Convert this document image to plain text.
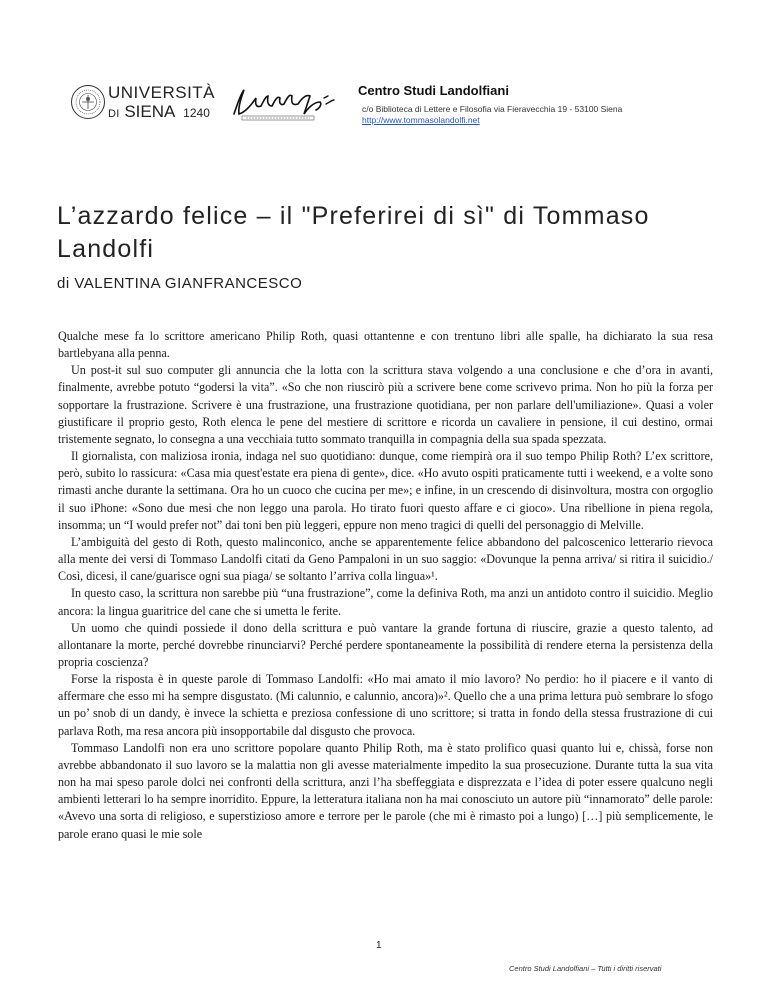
UNIVERSITÀ
DI SIENA 1240
Centro Studi Landolfiani
c/o Biblioteca di Lettere e Filosofia via Fieravecchia 19 - 53100 Siena
http://www.tommasolandolfi.net
L’azzardo felice – il "Preferirei di sì" di Tommaso Landolfi
di VALENTINA GIANFRANCESCO

Qualche mese fa lo scrittore americano Philip Roth, quasi ottantenne e con trentuno libri alle spalle, ha dichiarato la sua resa bartlebyana alla penna.

Un post-it sul suo computer gli annuncia che la lotta con la scrittura stava volgendo a una conclusione e che d’ora in avanti, finalmente, avrebbe potuto “godersi la vita”. «So che non riuscirò più a scrivere bene come scrivevo prima. Non ho più la forza per sopportare la frustrazione. Scrivere è una frustrazione, una frustrazione quotidiana, per non parlare dell'umiliazione». Quasi a voler giustificare il proprio gesto, Roth elenca le pene del mestiere di scrittore e ricorda un cavaliere in pensione, il cui destino, ormai tristemente segnato, lo consegna a una vecchiaia tutto sommato tranquilla in compagnia della sua spada spezzata.

Il giornalista, con maliziosa ironia, indaga nel suo quotidiano: dunque, come riempirà ora il suo tempo Philip Roth? L’ex scrittore, però, subito lo rassicura: «Casa mia quest'estate era piena di gente», dice. «Ho avuto ospiti praticamente tutti i weekend, e a volte sono rimasti anche durante la settimana. Ora ho un cuoco che cucina per me»; e infine, in un crescendo di disinvoltura, mostra con orgoglio il suo iPhone: «Sono due mesi che non leggo una parola. Ho tirato fuori questo affare e ci gioco». Una ribellione in piena regola, insomma; un “I would prefer not” dai toni ben più leggeri, eppure non meno tragici di quelli del personaggio di Melville.

L’ambiguità del gesto di Roth, questo malinconico, anche se apparentemente felice abbandono del palcoscenico letterario rievoca alla mente dei versi di Tommaso Landolfi citati da Geno Pampaloni in un suo saggio: «Dovunque la penna arriva/ si ritira il suicidio./ Così, dicesi, il cane/guarisce ogni sua piaga/ se soltanto l’arriva colla lingua»¹.

In questo caso, la scrittura non sarebbe più “una frustrazione”, come la definiva Roth, ma anzi un antidoto contro il suicidio. Meglio ancora: la lingua guaritrice del cane che si umetta le ferite.

Un uomo che quindi possiede il dono della scrittura e può vantare la grande fortuna di riuscire, grazie a questo talento, ad allontanare la morte, perché dovrebbe rinunciarvi? Perché perdere spontaneamente la possibilità di rendere eterna la persistenza della propria coscienza?

Forse la risposta è in queste parole di Tommaso Landolfi: «Ho mai amato il mio lavoro? No perdio: ho il piacere e il vanto di affermare che esso mi ha sempre disgustato. (Mi calunnio, e calunnio, ancora)»². Quello che a una prima lettura può sembrare lo sfogo un po’ snob di un dandy, è invece la schietta e preziosa confessione di uno scrittore; si tratta in fondo della stessa frustrazione di cui parlava Roth, ma resa ancora più insopportabile dal disgusto che provoca.

Tommaso Landolfi non era uno scrittore popolare quanto Philip Roth, ma è stato prolifico quasi quanto lui e, chissà, forse non avrebbe abbandonato il suo lavoro se la malattia non gli avesse materialmente impedito la sua prosecuzione. Durante tutta la sua vita non ha mai speso parole dolci nei confronti della scrittura, anzi l’ha sbeffeggiata e disprezzata e l’idea di poter essere qualcuno negli ambienti letterari lo ha sempre inorridito. Eppure, la letteratura italiana non ha mai conosciuto un autore più “innamorato” delle parole: «Avevo una sorta di religioso, e superstizioso amore e terrore per le parole (che mi è rimasto poi a lungo) […] più semplicemente, le parole erano quasi le mie sole

1
Centro Studi Landolfiani – Tutti i diritti riservati
